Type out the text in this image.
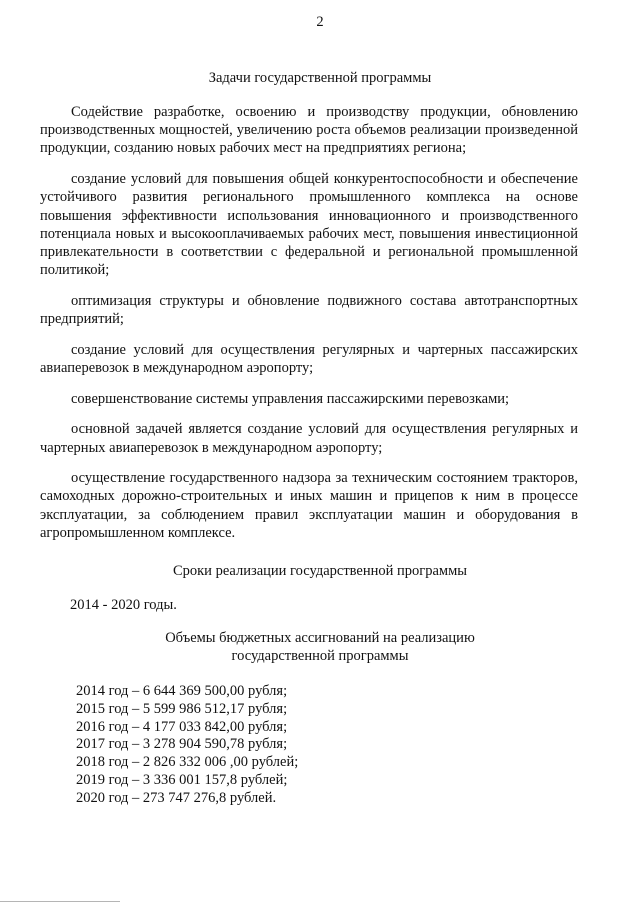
2
Задачи государственной программы

Содействие разработке, освоению и производству продукции, обновлению производственных мощностей, увеличению роста объемов реализации произведенной продукции, созданию новых рабочих мест на предприятиях региона;

создание условий для повышения общей конкурентоспособности и обеспечение устойчивого развития регионального промышленного комплекса на основе повышения эффективности использования инновационного и производственного потенциала новых и высокооплачиваемых рабочих мест, повышения инвестиционной привлекательности в соответствии с федеральной и региональной промышленной политикой;

оптимизация структуры и обновление подвижного состава автотранспортных предприятий;

создание условий для осуществления регулярных и чартерных пассажирских авиаперевозок в международном аэропорту;

совершенствование системы управления пассажирскими перевозками;

основной задачей является создание условий для осуществления регулярных и чартерных авиаперевозок в международном аэропорту;

осуществление государственного надзора за техническим состоянием тракторов, самоходных дорожно-строительных и иных машин и прицепов к ним в процессе эксплуатации, за соблюдением правил эксплуатации машин и оборудования в агропромышленном комплексе.

Сроки реализации государственной программы
2014 - 2020 годы.
Объемы бюджетных ассигнований на реализацию
государственной программы
2014 год – 6 644 369 500,00 рубля;
2015 год – 5 599 986 512,17 рубля;
2016 год – 4 177 033 842,00 рубля;
2017 год – 3 278 904 590,78 рубля;
2018 год – 2 826 332 006 ,00 рублей;
2019 год – 3 336 001 157,8 рублей;
2020 год – 273 747 276,8 рублей.
